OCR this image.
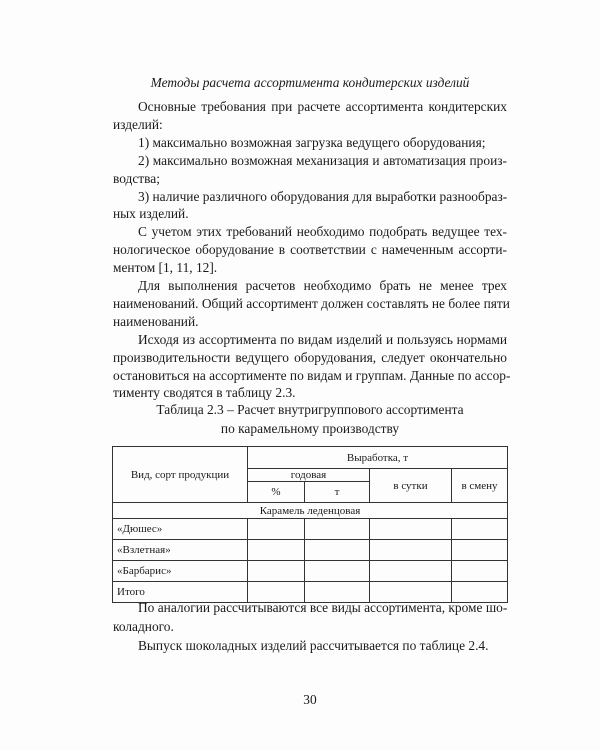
Методы расчета ассортимента кондитерских изделий
Основные требования при расчете ассортимента кондитерских
изделий:
1) максимально возможная загрузка ведущего оборудования;
2) максимально возможная механизация и автоматизация произ-
водства;
3) наличие различного оборудования для выработки разнообраз-
ных изделий.
С учетом этих требований необходимо подобрать ведущее тех-
нологическое оборудование в соответствии с намеченным ассорти-
ментом [1, 11, 12].
Для выполнения расчетов необходимо брать не менее трех
наименований. Общий ассортимент должен составлять не более пяти
наименований.
Исходя из ассортимента по видам изделий и пользуясь нормами
производительности ведущего оборудования, следует окончательно
остановиться на ассортименте по видам и группам. Данные по ассор-
тименту сводятся в таблицу 2.3.
Таблица 2.3 – Расчет внутригруппового ассортимента
по карамельному производству
Вид, сорт продукции	Выработка, т			
	годовая		в сутки	в смену
	%	т		
Карамель леденцовая				
«Дюшес»				
«Взлетная»				
«Барбарис»				
Итого				
По аналогии рассчитываются все виды ассортимента, кроме шо-
коладного.
Выпуск шоколадных изделий рассчитывается по таблице 2.4.
30
